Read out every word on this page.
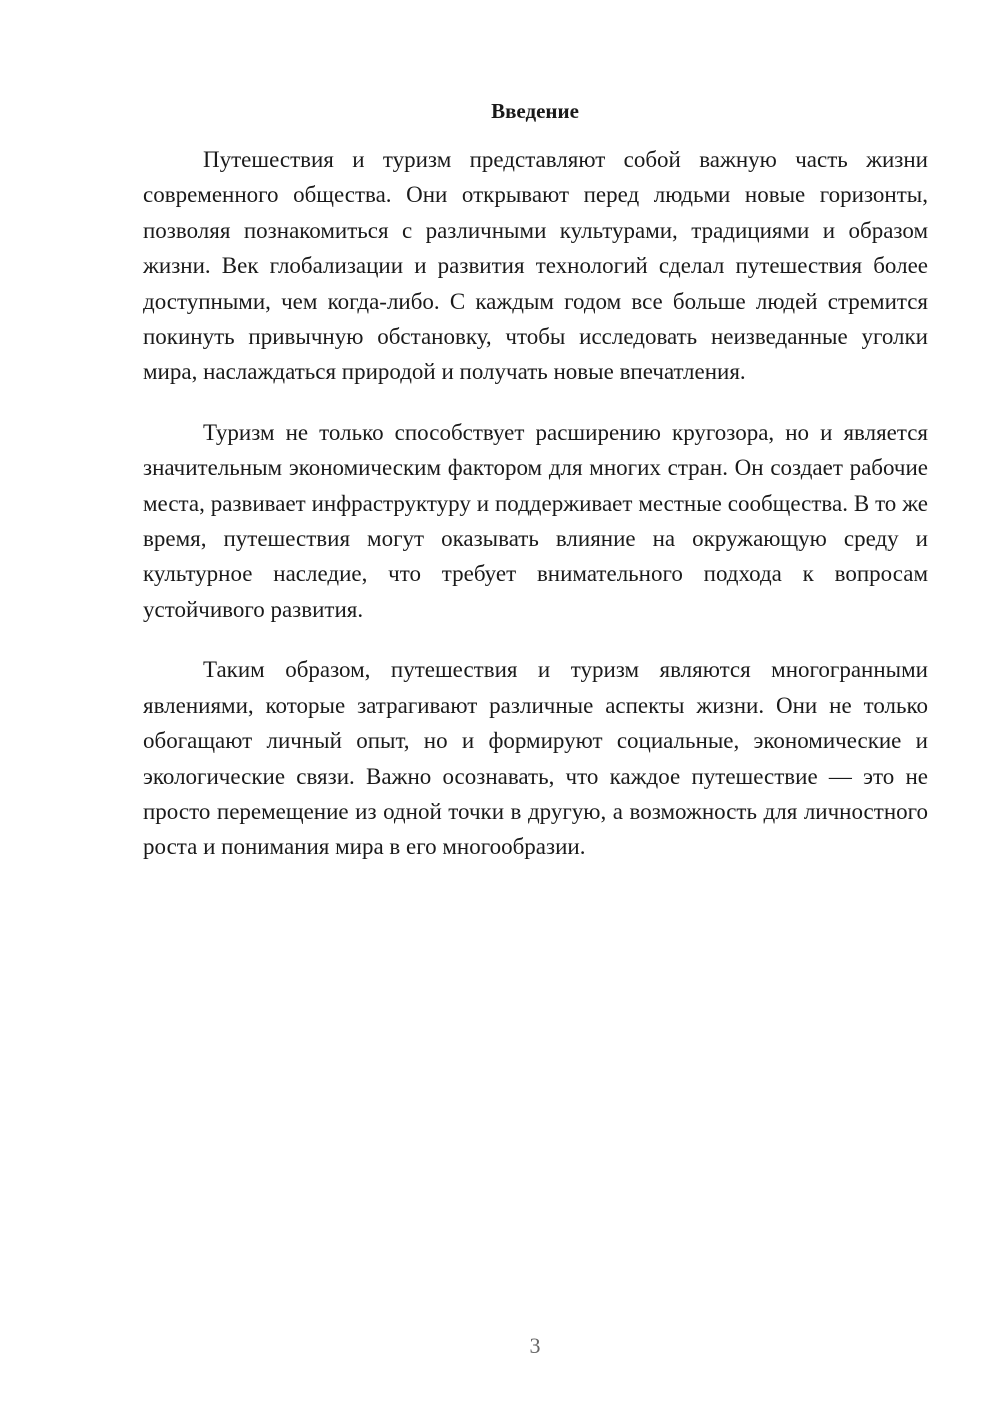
Введение

Путешествия и туризм представляют собой важную часть жизни современного общества. Они открывают перед людьми новые горизонты, позволяя познакомиться с различными культурами, традициями и образом жизни. Век глобализации и развития технологий сделал путешествия более доступными, чем когда-либо. С каждым годом все больше людей стремится покинуть привычную обстановку, чтобы исследовать неизведанные уголки мира, наслаждаться природой и получать новые впечатления.

Туризм не только способствует расширению кругозора, но и является значительным экономическим фактором для многих стран. Он создает рабочие места, развивает инфраструктуру и поддерживает местные сообщества. В то же время, путешествия могут оказывать влияние на окружающую среду и культурное наследие, что требует внимательного подхода к вопросам устойчивого развития.

Таким образом, путешествия и туризм являются многогранными явлениями, которые затрагивают различные аспекты жизни. Они не только обогащают личный опыт, но и формируют социальные, экономические и экологические связи. Важно осознавать, что каждое путешествие — это не просто перемещение из одной точки в другую, а возможность для личностного роста и понимания мира в его многообразии.

3
